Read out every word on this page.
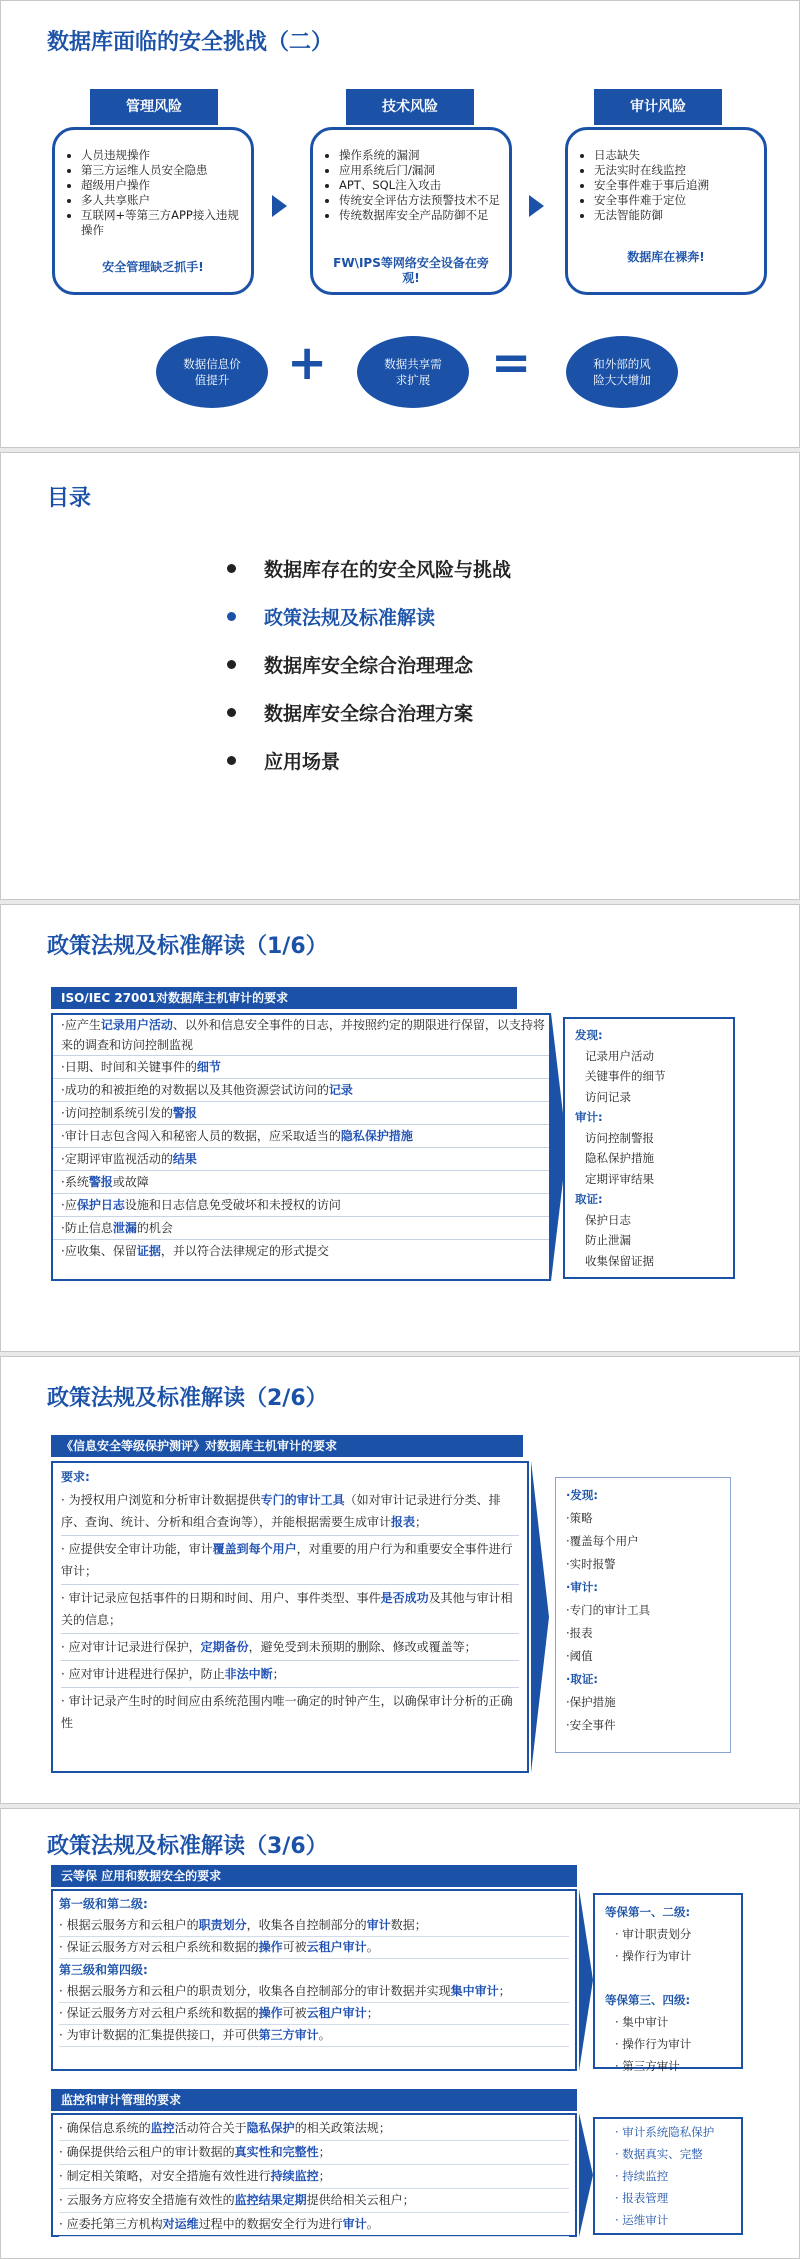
数据库面临的安全挑战（二）
管理风险
• 人员违规操作
• 第三方运维人员安全隐患
• 超级用户操作
• 多人共享账户
• 互联网+等第三方APP接入违规操作
安全管理缺乏抓手!
技术风险
• 操作系统的漏洞
• 应用系统后门/漏洞
• APT、SQL注入攻击
• 传统安全评估方法预警技术不足
• 传统数据库安全产品防御不足
FW\IPS等网络安全设备在旁观!
审计风险
• 日志缺失
• 无法实时在线监控
• 安全事件难于事后追溯
• 安全事件难于定位
• 无法智能防御
数据库在裸奔!
数据信息价值提升	+	数据共享需求扩展	=	和外部的风险大大增加
目录
数据库存在的安全风险与挑战
政策法规及标准解读
数据库安全综合治理理念
数据库安全综合治理方案
应用场景
政策法规及标准解读（1/6）
ISO/IEC 27001对数据库主机审计的要求
·应产生记录用户活动、以外和信息安全事件的日志，并按照约定的期限进行保留，以支持将来的调查和访问控制监视
·日期、时间和关键事件的细节
·成功的和被拒绝的对数据以及其他资源尝试访问的记录
·访问控制系统引发的警报
·审计日志包含闯入和秘密人员的数据，应采取适当的隐私保护措施
·定期评审监视活动的结果
·系统警报或故障
·应保护日志设施和日志信息免受破坏和未授权的访问
·防止信息泄漏的机会
·应收集、保留证据，并以符合法律规定的形式提交
发现:
记录用户活动
关键事件的细节
访问记录
审计:
访问控制警报
隐私保护措施
定期评审结果
取证:
保护日志
防止泄漏
收集保留证据
政策法规及标准解读（2/6）
《信息安全等级保护测评》对数据库主机审计的要求
要求:
· 为授权用户浏览和分析审计数据提供专门的审计工具（如对审计记录进行分类、排序、查询、统计、分析和组合查询等），并能根据需要生成审计报表；
· 应提供安全审计功能，审计覆盖到每个用户，对重要的用户行为和重要安全事件进行审计；
· 审计记录应包括事件的日期和时间、用户、事件类型、事件是否成功及其他与审计相关的信息；
· 应对审计记录进行保护，定期备份，避免受到未预期的删除、修改或覆盖等；
· 应对审计进程进行保护，防止非法中断；
· 审计记录产生时的时间应由系统范围内唯一确定的时钟产生，以确保审计分析的正确性
·发现:
·策略
·覆盖每个用户
·实时报警
·审计:
·专门的审计工具
·报表
·阈值
·取证:
·保护措施
·安全事件
政策法规及标准解读（3/6）
云等保 应用和数据安全的要求
第一级和第二级:
· 根据云服务方和云租户的职责划分，收集各自控制部分的审计数据；
· 保证云服务方对云租户系统和数据的操作可被云租户审计。
第三级和第四级:
· 根据云服务方和云租户的职责划分，收集各自控制部分的审计数据并实现集中审计；
· 保证云服务方对云租户系统和数据的操作可被云租户审计；
· 为审计数据的汇集提供接口，并可供第三方审计。
等保第一、二级:
· 审计职责划分
· 操作行为审计

等保第三、四级:
· 集中审计
· 操作行为审计
· 第三方审计
监控和审计管理的要求
· 确保信息系统的监控活动符合关于隐私保护的相关政策法规；
· 确保提供给云租户的审计数据的真实性和完整性；
· 制定相关策略，对安全措施有效性进行持续监控；
· 云服务方应将安全措施有效性的监控结果定期提供给相关云租户；
· 应委托第三方机构对运维过程中的数据安全行为进行审计。
· 审计系统隐私保护
· 数据真实、完整
· 持续监控
· 报表管理
· 运维审计
